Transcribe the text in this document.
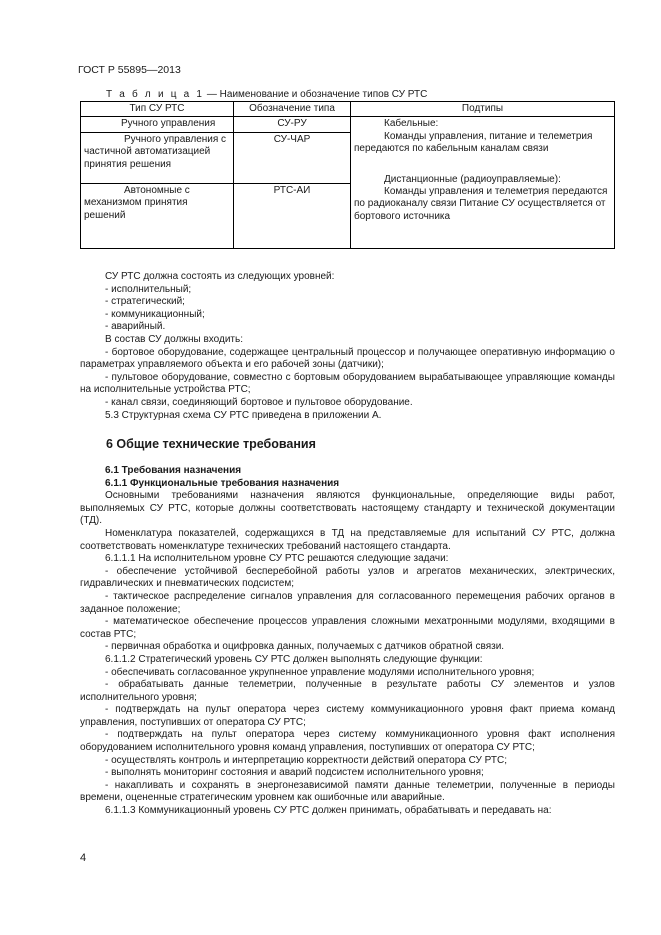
ГОСТ Р 55895—2013
Т а б л и ц а 1 — Наименование и обозначение типов СУ РТС
Тип СУ РТС	Обозначение типа	Подтипы
Ручного управления	СУ-РУ	Кабельные:

Команды управления, питание и телеметрия передаются по кабельным каналам связи

Дистанционные (радиоуправляемые):

Команды управления и телеметрия передаются по радиоканалу связи Питание СУ осуществляется от бортового источника

Ручного управления с частичной автоматизацией принятия решения	СУ-ЧАР	

Автономные с механизмом принятия решений	РТС-АИ	

СУ РТС должна состоять из следующих уровней:

- исполнительный;

- стратегический;

- коммуникационный;

- аварийный.

В состав СУ должны входить:

- бортовое оборудование, содержащее центральный процессор и получающее оперативную информацию о параметрах управляемого объекта и его рабочей зоны (датчики);

- пультовое оборудование, совместно с бортовым оборудованием вырабатывающее управляющие команды на исполнительные устройства РТС;

- канал связи, соединяющий бортовое и пультовое оборудование.

5.3 Структурная схема СУ РТС приведена в приложении А.

6 Общие технические требования

6.1 Требования назначения

6.1.1 Функциональные требования назначения

Основными требованиями назначения являются функциональные, определяющие виды работ, выполняемых СУ РТС, которые должны соответствовать настоящему стандарту и технической документации (ТД).

Номенклатура показателей, содержащихся в ТД на представляемые для испытаний СУ РТС, должна соответствовать номенклатуре технических требований настоящего стандарта.

6.1.1.1 На исполнительном уровне СУ РТС решаются следующие задачи:

- обеспечение устойчивой бесперебойной работы узлов и агрегатов механических, электрических, гидравлических и пневматических подсистем;

- тактическое распределение сигналов управления для согласованного перемещения рабочих органов в заданное положение;

- математическое обеспечение процессов управления сложными мехатронными модулями, входящими в состав РТС;

- первичная обработка и оцифровка данных, получаемых с датчиков обратной связи.

6.1.1.2 Стратегический уровень СУ РТС должен выполнять следующие функции:

- обеспечивать согласованное укрупненное управление модулями исполнительного уровня;

- обрабатывать данные телеметрии, полученные в результате работы СУ элементов и узлов исполнительного уровня;

- подтверждать на пульт оператора через систему коммуникационного уровня факт приема команд управления, поступивших от оператора СУ РТС;

- подтверждать на пульт оператора через систему коммуникационного уровня факт исполнения оборудованием исполнительного уровня команд управления, поступивших от оператора СУ РТС;

- осуществлять контроль и интерпретацию корректности действий оператора СУ РТС;

- выполнять мониторинг состояния и аварий подсистем исполнительного уровня;

- накапливать и сохранять в энергонезависимой памяти данные телеметрии, полученные в периоды времени, оцененные стратегическим уровнем как ошибочные или аварийные.

6.1.1.3 Коммуникационный уровень СУ РТС должен принимать, обрабатывать и передавать на:

4
